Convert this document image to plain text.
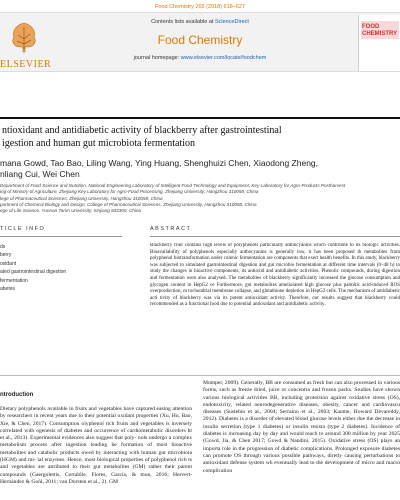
Food Chemistry 269 (2018) 618–627
ELSEVIER
Contents lists available at ScienceDirect
Food Chemistry
journal homepage: www.elsevier.com/locate/foodchem
FOOD CHEMISTRY
ntioxidant and antidiabetic activity of blackberry after gastrointestinal
igestion and human gut microbiota fermentation
mana Gowd, Tao Bao, Liling Wang, Ying Huang, Shenghuizi Chen, Xiaodong Zheng,
nliang Cui, Wei Chen
Department of Food Science and Nutrition, National Engineering Laboratory of Intelligent Food Technology and Equipment, Key Laboratory for Agro-Products Postharvest
ing of Ministry of Agriculture, Zhejiang Key Laboratory for Agro-Food Processing, Zhejiang University, Hangzhou 310058, China
lege of Pharmaceutical Sciences, Zhejiang University, Hangzhou 310058, China
partment of Chemical Biology and Design, College of Pharmaceutical Sciences, Zhejiang University, Hangzhou 310058, China
ege of Life Science, Yunnan Tarim University, Xinjiang 843300, China
TICLE INFO	ABSTRACT
ds
berry
oxidant
ated gastrointestinal digestion
fermentation
abetes
Blackberry fruit contains high levels of polyphenols particularly anthocyanins which contribute to its biologic activities. Bioavailability of polyphenols especially anthocyanins is generally low, it has been proposed th metabolites from polyphenol biotransformation under colonic fermentation are components that exert health benefits. In this study, blackberry was subjected to simulated gastrointestinal digestion and gut microbio fermentation at different time intervals (0–48 h) to study the changes in bioactive components, its antioxid and antidiabetic activities. Phenolic compounds, during digestion and fermentation were also analysed. The metabolites of blackberry significantly increased the glucose consumption and glycogen content in HepG2 ce Furthermore, gut metabolites ameliorated high glucose plus palmitic acid-induced ROS overproduction, m tochondrial membrane collapse, and glutathione depletion in HepG2 cells. The mechanism of antidiabetic acti tivity of blackberry was via its potent antioxidant activity. Therefore, our results suggest that blackberry could recommended as a functional food due to potential antioxidant and antidiabetic activity.
ntroduction
Dietary polyphenols available in fruits and vegetables have captured easing attention by researchers in recent years due to their potential oxidant properties (Xu, Hu, Bao, Xie, & Chen, 2017). Consumption olyphenol rich fruits and vegetables is inversely correlated with ogenesis of diabetes and occurrence of cardiometabolic disorders ht et al., 2013). Experimental evidences also suggest that poly- nols undergo a complex metabolism process after ingestion leading he formation of most bioactive metabolites and catabolic products owed by interacting with human gut microbiota (HGM) and mi- ial enzymes. Hence, most biological properties of polyphenol rich ts and vegetables are attributed to their gut metabolites (GM) rather their parent compounds (Gaergolettis, Cortablie, Flores, García, & mon, 2016; Hervert-Hernández & Goñi, 2011; van Dorsten et al., 2). GM
Mumper, 2009). Generally, BB are consumed as fresh but can also processed in various forms, such as freeze dried, juice or concentra and frozen packs. Studies have shown various biological activities BB, including protection against oxidative stress (OS), endotoxicity, related neurodegenerative diseases, obesity, cancer and cardiovascu diseases (Sustebin et al., 2004; Serraino et al., 2003; Kaume, Howard Devareddy, 2012). Diabetes is a disorder of elevated blood glucose levels either due the decrease in insulin secretion (type 1 diabetes) or insulin resista (type 2 diabetes). Incidence of diabetes is increasing day by day and would reach to around 300 million by year 2025 (Gowd, Jia, & Chen 2017; Gowd & Nandini, 2015). Oxidative stress (OS) plays an importa role in the progression of diabetic complications. Prolonged exposure diabetes can promote OS through various possible pathways, diretly causing perturbations to antioxidant defense system wh eventually lead to the development of micro and macro complication
